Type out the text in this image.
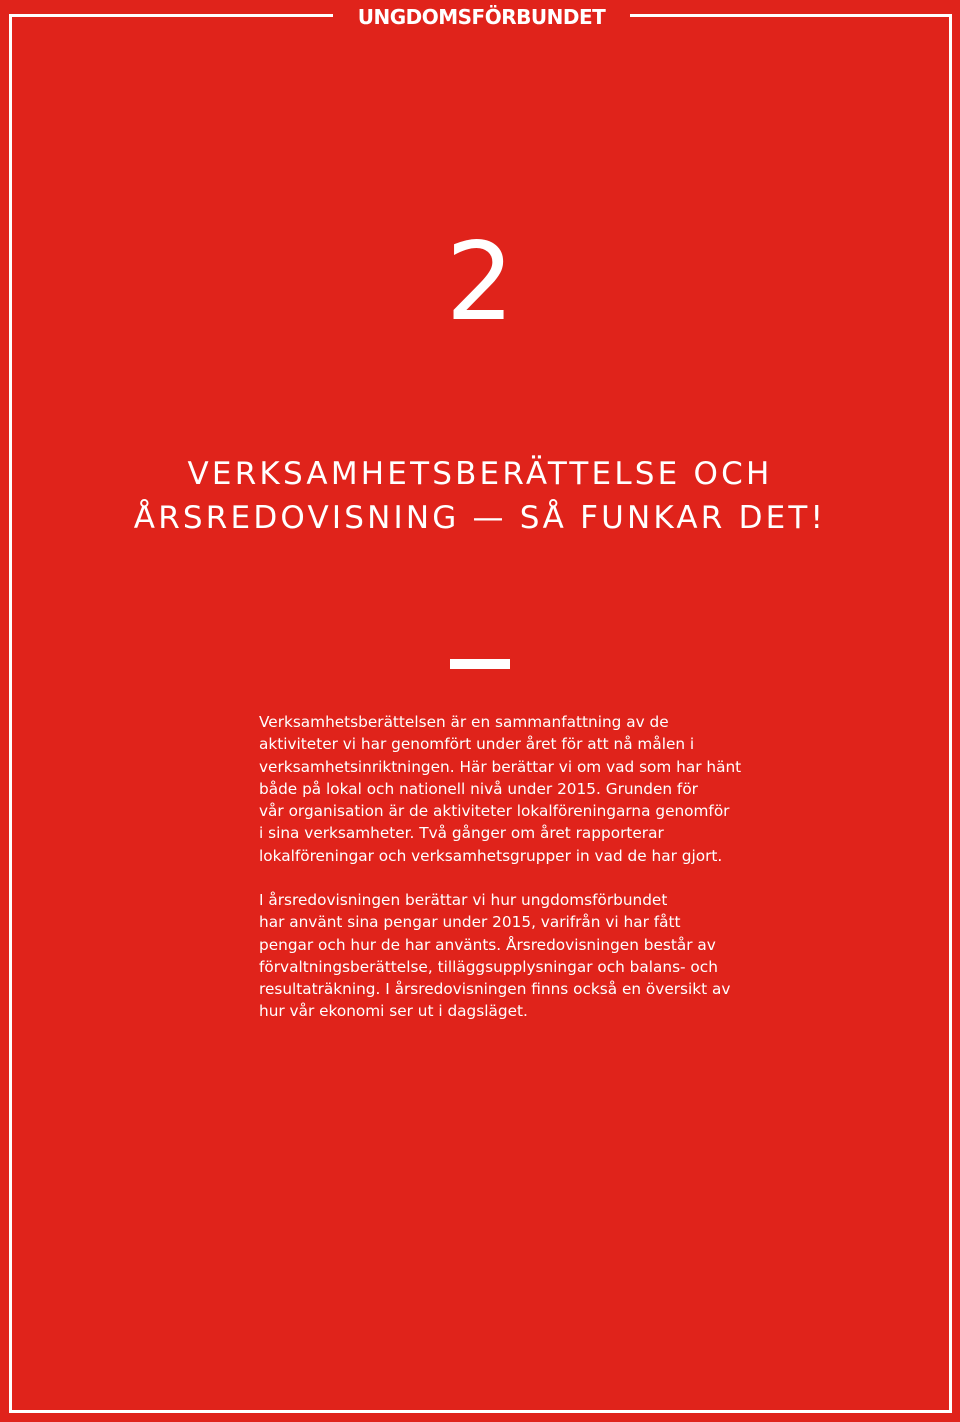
UNGDOMSFÖRBUNDET
2
VERKSAMHETSBERÄTTELSE OCH
ÅRSREDOVISNING — SÅ FUNKAR DET!

Verksamhetsberättelsen är en sammanfattning av de
aktiviteter vi har genomfört under året för att nå målen i
verksamhetsinriktningen. Här berättar vi om vad som har hänt
både på lokal och nationell nivå under 2015. Grunden för
vår organisation är de aktiviteter lokalföreningarna genomför
i sina verksamheter. Två gånger om året rapporterar
lokalföreningar och verksamhetsgrupper in vad de har gjort.

I årsredovisningen berättar vi hur ungdomsförbundet
har använt sina pengar under 2015, varifrån vi har fått
pengar och hur de har använts. Årsredovisningen består av
förvaltningsberättelse, tilläggsupplysningar och balans- och
resultaträkning. I årsredovisningen finns också en översikt av
hur vår ekonomi ser ut i dagsläget.
